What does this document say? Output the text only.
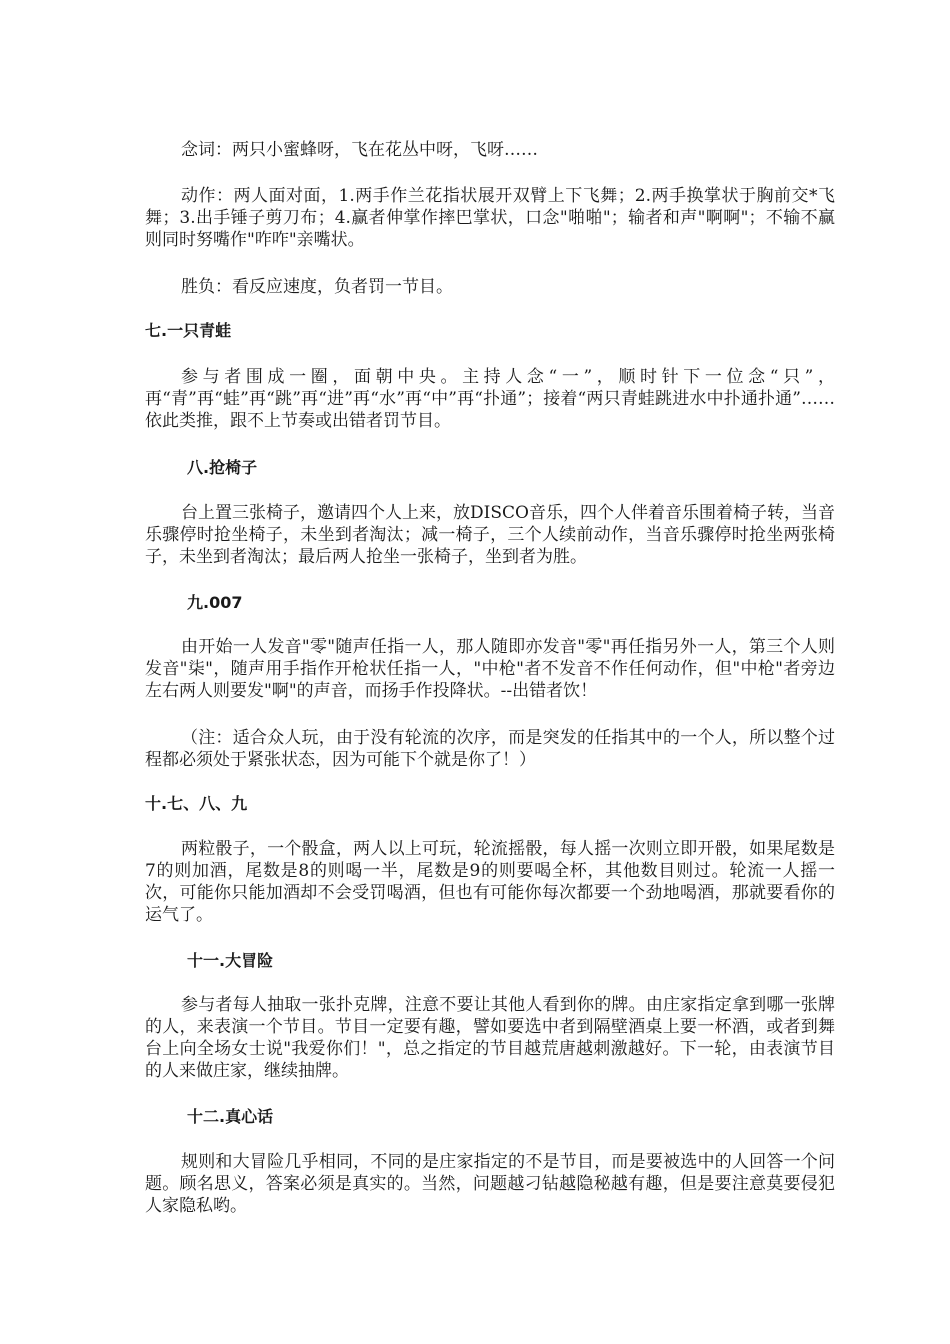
念词：两只小蜜蜂呀，飞在花丛中呀，飞呀……
动作：两人面对面，1.两手作兰花指状展开双臂上下飞舞；2.两手换掌状于胸前交*飞舞；3.出手锤子剪刀布；4.赢者伸掌作摔巴掌状，口念"啪啪"；输者和声"啊啊"；不输不赢则同时努嘴作"咋咋"亲嘴状。
胜负：看反应速度，负者罚一节目。
七.一只青蛙
参与者围成一圈，面朝中央。主持人念“一”，顺时针下一位念“只”，再“青”再“蛙”再“跳”再“进”再“水”再“中”再“扑通”；接着“两只青蛙跳进水中扑通扑通”……依此类推，跟不上节奏或出错者罚节目。
八.抢椅子
台上置三张椅子，邀请四个人上来，放DISCO音乐，四个人伴着音乐围着椅子转，当音乐骤停时抢坐椅子，未坐到者淘汰；减一椅子，三个人续前动作，当音乐骤停时抢坐两张椅子，未坐到者淘汰；最后两人抢坐一张椅子，坐到者为胜。
九.007
由开始一人发音"零"随声任指一人，那人随即亦发音"零"再任指另外一人，第三个人则发音"柒"，随声用手指作开枪状任指一人，"中枪"者不发音不作任何动作，但"中枪"者旁边左右两人则要发"啊"的声音，而扬手作投降状。--出错者饮！
（注：适合众人玩，由于没有轮流的次序，而是突发的任指其中的一个人，所以整个过程都必须处于紧张状态，因为可能下个就是你了！）
十.七、八、九
两粒骰子，一个骰盒，两人以上可玩，轮流摇骰，每人摇一次则立即开骰，如果尾数是7的则加酒，尾数是8的则喝一半，尾数是9的则要喝全杯，其他数目则过。轮流一人摇一次，可能你只能加酒却不会受罚喝酒，但也有可能你每次都要一个劲地喝酒，那就要看你的运气了。
十一.大冒险
参与者每人抽取一张扑克牌，注意不要让其他人看到你的牌。由庄家指定拿到哪一张牌的人，来表演一个节目。节目一定要有趣，譬如要选中者到隔壁酒桌上要一杯酒，或者到舞台上向全场女士说"我爱你们！"，总之指定的节目越荒唐越刺激越好。下一轮，由表演节目的人来做庄家，继续抽牌。
十二.真心话
规则和大冒险几乎相同，不同的是庄家指定的不是节目，而是要被选中的人回答一个问题。顾名思义，答案必须是真实的。当然，问题越刁钻越隐秘越有趣，但是要注意莫要侵犯人家隐私哟。
